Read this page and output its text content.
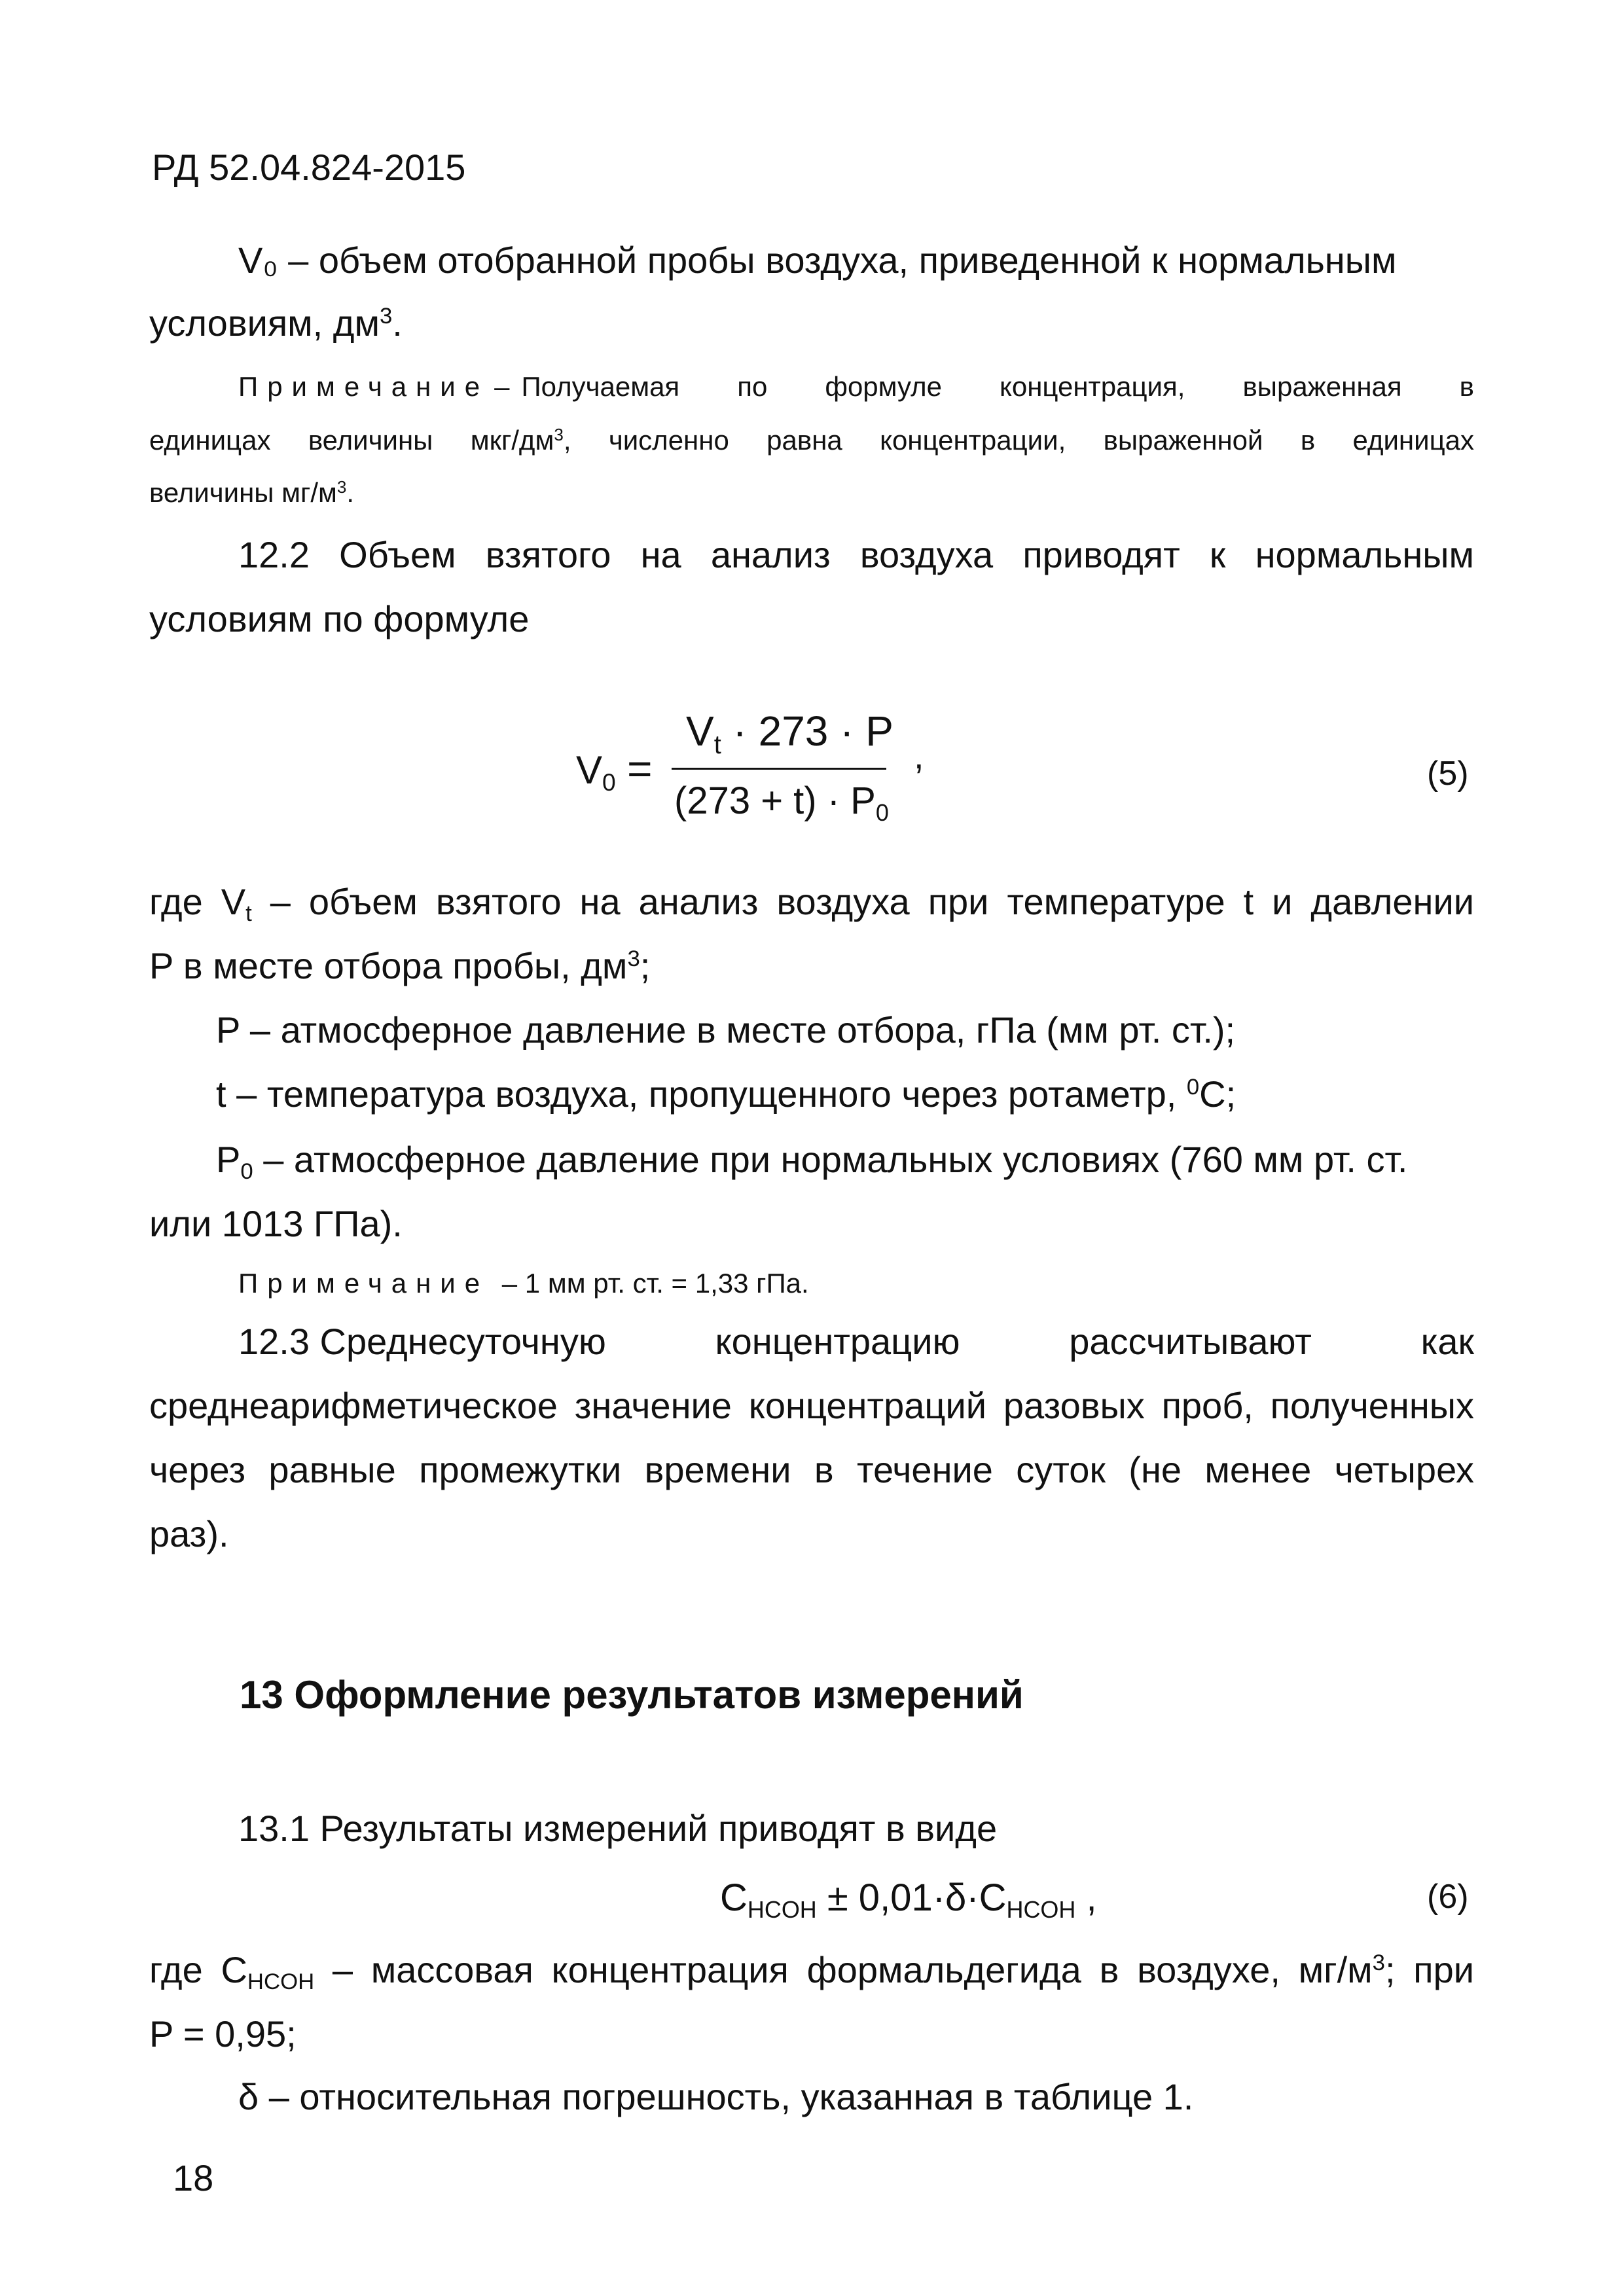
РД 52.04.824-2015
V₀ – объем отобранной пробы воздуха, приведенной к нормальным
условиям, $дм^3$.
Примечание – Получаемая по формуле концентрация, выраженная в
единицах величины мкг/$дм^3$, численно равна концентрации, выраженной в единицах
величины $мг/м^3$.
12.2 Объем взятого на анализ воздуха приводят к нормальным
условиям по формуле
$V_0$ =
$V_t \cdot 273 \cdot P$
$(273 + t) \cdot P_0$
,	(5)
где $V_t$ – объем взятого на анализ воздуха при температуре t и давлении
P в месте отбора пробы, $дм^3$;
P – атмосферное давление в месте отбора, гПа (мм рт. ст.);
t – температура воздуха, пропущенного через ротаметр, $^0$С;
$P_0$ – атмосферное давление при нормальных условиях (760 мм рт. ст.
или 1013 ГПа).
Примечание – 1 мм рт. ст. = 1,33 гПа.
12.3 Среднесуточную	концентрацию	рассчитывают	как
среднеарифметическое значение концентраций разовых проб, полученных
через равные промежутки времени в течение суток (не менее четырех
раз).
13 Оформление результатов измерений
13.1 Результаты измерений приводят в виде
$C_{HCOH} \pm 0,01\cdot\delta\cdot C_{HCOH}$ ,	(6)
где $C_{HCOH}$ – массовая концентрация формальдегида в воздухе, $мг/м^3$; при
P = 0,95;
δ – относительная погрешность, указанная в таблице 1.
18
